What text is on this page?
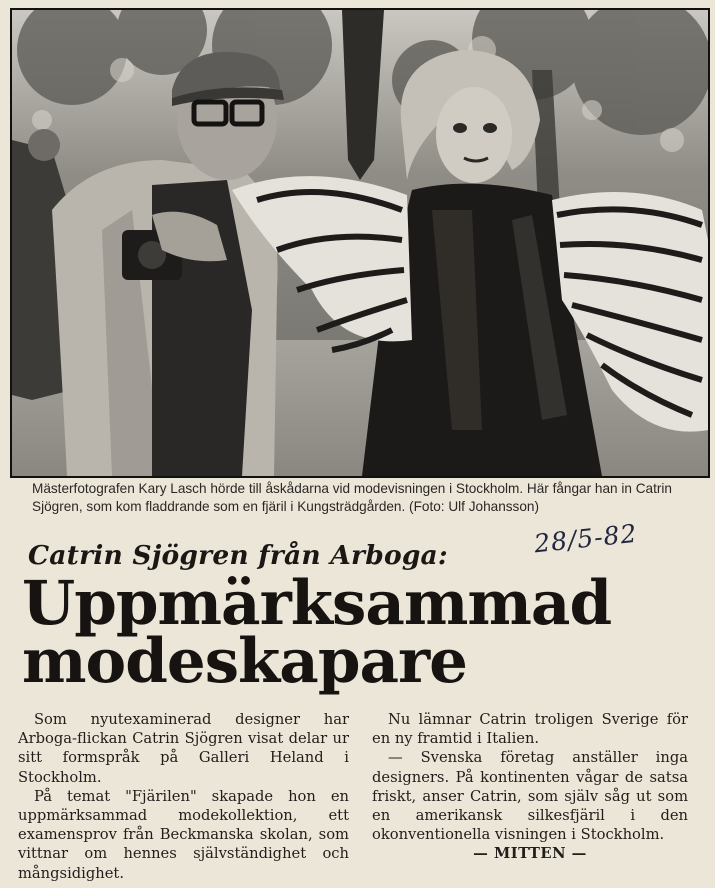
Mästerfotografen Kary Lasch hörde till åskådarna vid modevisningen i Stockholm. Här fångar han in Catrin Sjögren, som kom fladdrande som en fjäril i Kungsträdgården. (Foto: Ulf Johansson)

28/5-82
Catrin Sjögren från Arboga:
Uppmärksammad
modeskapare

Som nyutexaminerad designer har Arboga-flickan Catrin Sjögren visat delar ur sitt formspråk på Galleri Heland i Stockholm.

På temat "Fjärilen" skapade hon en uppmärksammad modekollektion, ett examensprov från Beckmanska skolan, som vittnar om hennes självständighet och mångsidighet.

Nu lämnar Catrin troligen Sverige för en ny framtid i Italien.

— Svenska företag anställer inga designers. På kontinenten vågar de satsa friskt, anser Catrin, som själv såg ut som en amerikansk silkesfjäril i den okonventionella visningen i Stockholm.

— MITTEN —
